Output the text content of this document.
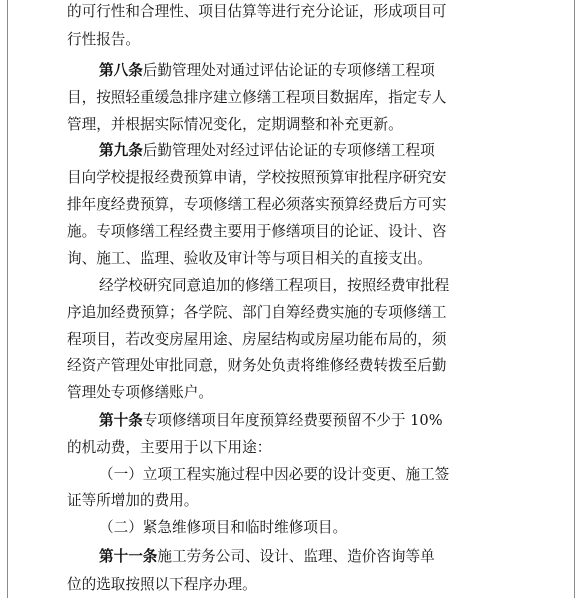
的可行性和合理性、项目估算等进行充分论证，形成项目可
行性报告。
第八条后勤管理处对通过评估论证的专项修缮工程项
目，按照轻重缓急排序建立修缮工程项目数据库，指定专人
管理，并根据实际情况变化，定期调整和补充更新。
第九条后勤管理处对经过评估论证的专项修缮工程项
目向学校提报经费预算申请，学校按照预算审批程序研究安
排年度经费预算，专项修缮工程必须落实预算经费后方可实
施。专项修缮工程经费主要用于修缮项目的论证、设计、咨
询、施工、监理、验收及审计等与项目相关的直接支出。
经学校研究同意追加的修缮工程项目，按照经费审批程
序追加经费预算；各学院、部门自筹经费实施的专项修缮工
程项目，若改变房屋用途、房屋结构或房屋功能布局的，须
经资产管理处审批同意，财务处负责将维修经费转拨至后勤
管理处专项修缮账户。
第十条专项修缮项目年度预算经费要预留不少于 10%
的机动费，主要用于以下用途：
（一）立项工程实施过程中因必要的设计变更、施工签
证等所增加的费用。
（二）紧急维修项目和临时维修项目。
第十一条施工劳务公司、设计、监理、造价咨询等单
位的选取按照以下程序办理。
